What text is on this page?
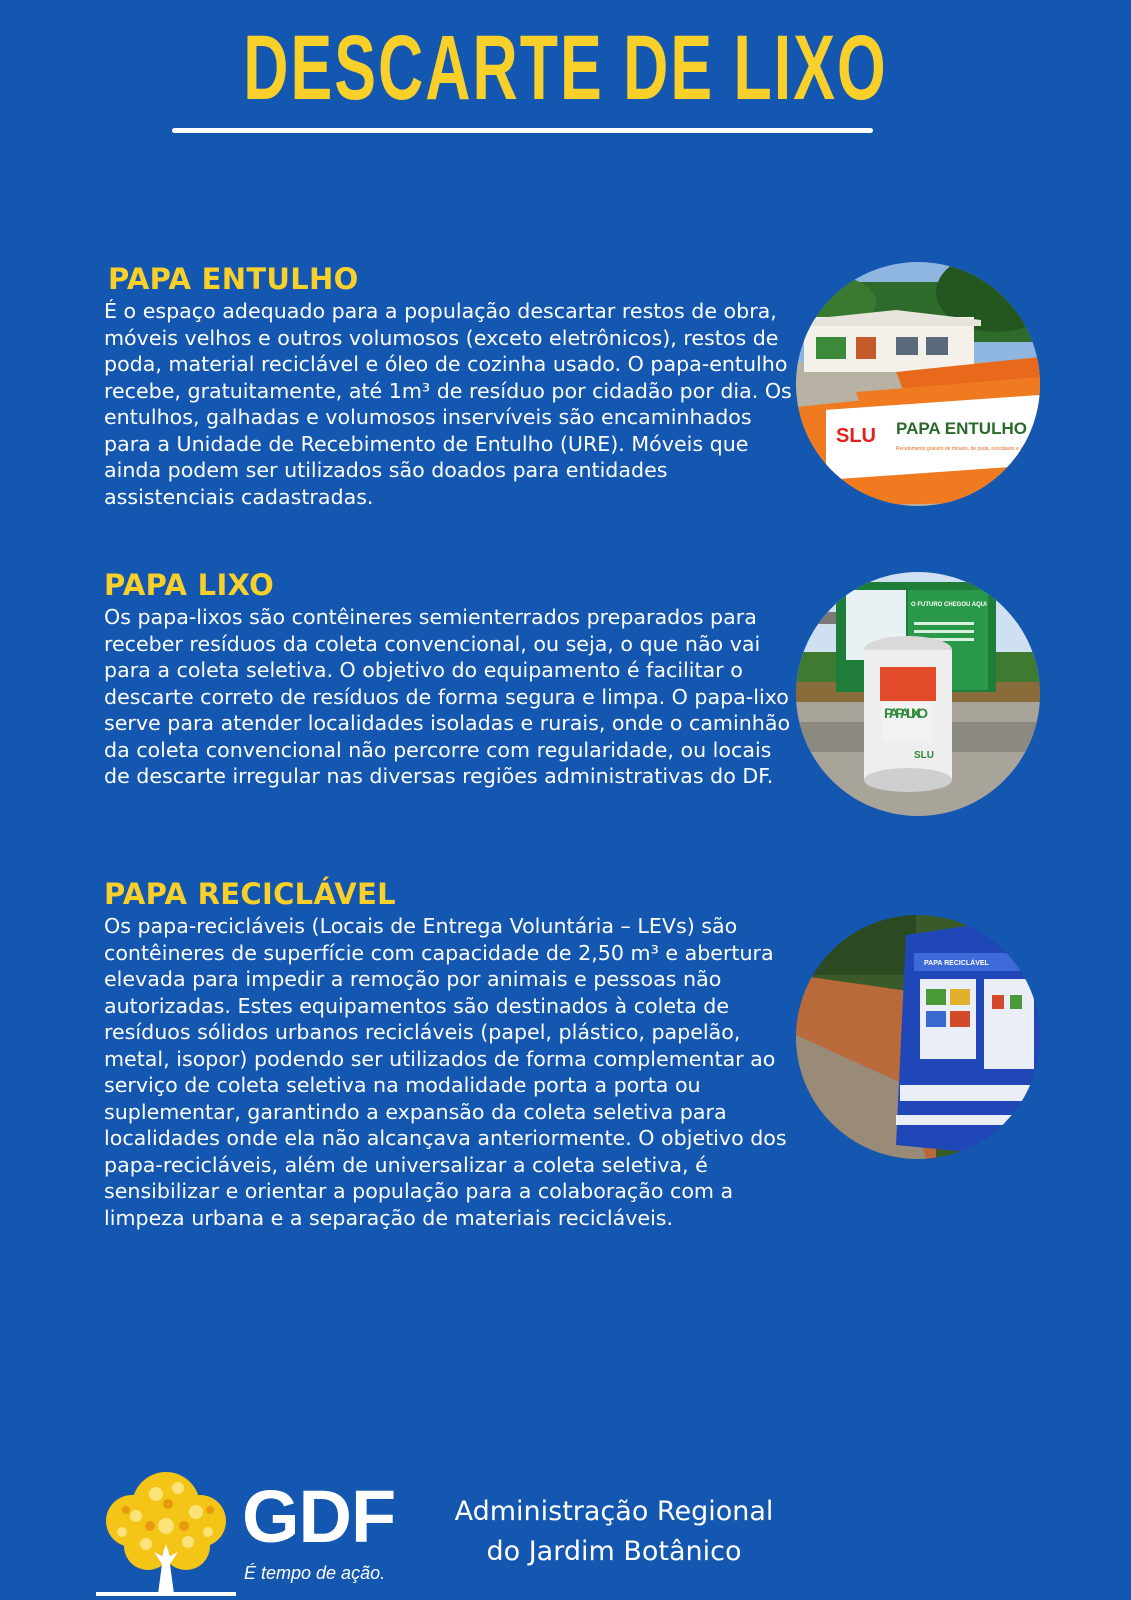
DESCARTE DE LIXO
PAPA ENTULHO

É o espaço adequado para a população descartar restos de obra, móveis velhos e outros volumosos (exceto eletrônicos), restos de poda, material reciclável e óleo de cozinha usado. O papa-entulho recebe, gratuitamente, até 1m³ de resíduo por cidadão por dia. Os entulhos, galhadas e volumosos inservíveis são encaminhados para a Unidade de Recebimento de Entulho (URE). Móveis que ainda podem ser utilizados são doados para entidades assistenciais cadastradas.

PAPA LIXO

Os papa-lixos são contêineres semienterrados preparados para receber resíduos da coleta convencional, ou seja, o que não vai para a coleta seletiva. O objetivo do equipamento é facilitar o descarte correto de resíduos de forma segura e limpa. O papa-lixo serve para atender localidades isoladas e rurais, onde o caminhão da coleta convencional não percorre com regularidade, ou locais de descarte irregular nas diversas regiões administrativas do DF.

PAPA RECICLÁVEL

Os papa-recicláveis (Locais de Entrega Voluntária – LEVs) são contêineres de superfície com capacidade de 2,50 m³ e abertura elevada para impedir a remoção por animais e pessoas não autorizadas. Estes equipamentos são destinados à coleta de resíduos sólidos urbanos recicláveis (papel, plástico, papelão, metal, isopor) podendo ser utilizados de forma complementar ao serviço de coleta seletiva na modalidade porta a porta ou suplementar, garantindo a expansão da coleta seletiva para localidades onde ela não alcançava anteriormente. O objetivo dos papa-recicláveis, além de universalizar a coleta seletiva, é sensibilizar e orientar a população para a colaboração com a limpeza urbana e a separação de materiais recicláveis.

SLU PAPA ENTULHO
Recebimento gratuito de móveis, de poda, recicláveis e até 1m³
O FUTURO CHEGOU AQUI
PAPA LIXO
SLU
PAPA RECICLÁVEL
GDF
É tempo de ação.
Administração Regional
do Jardim Botânico
